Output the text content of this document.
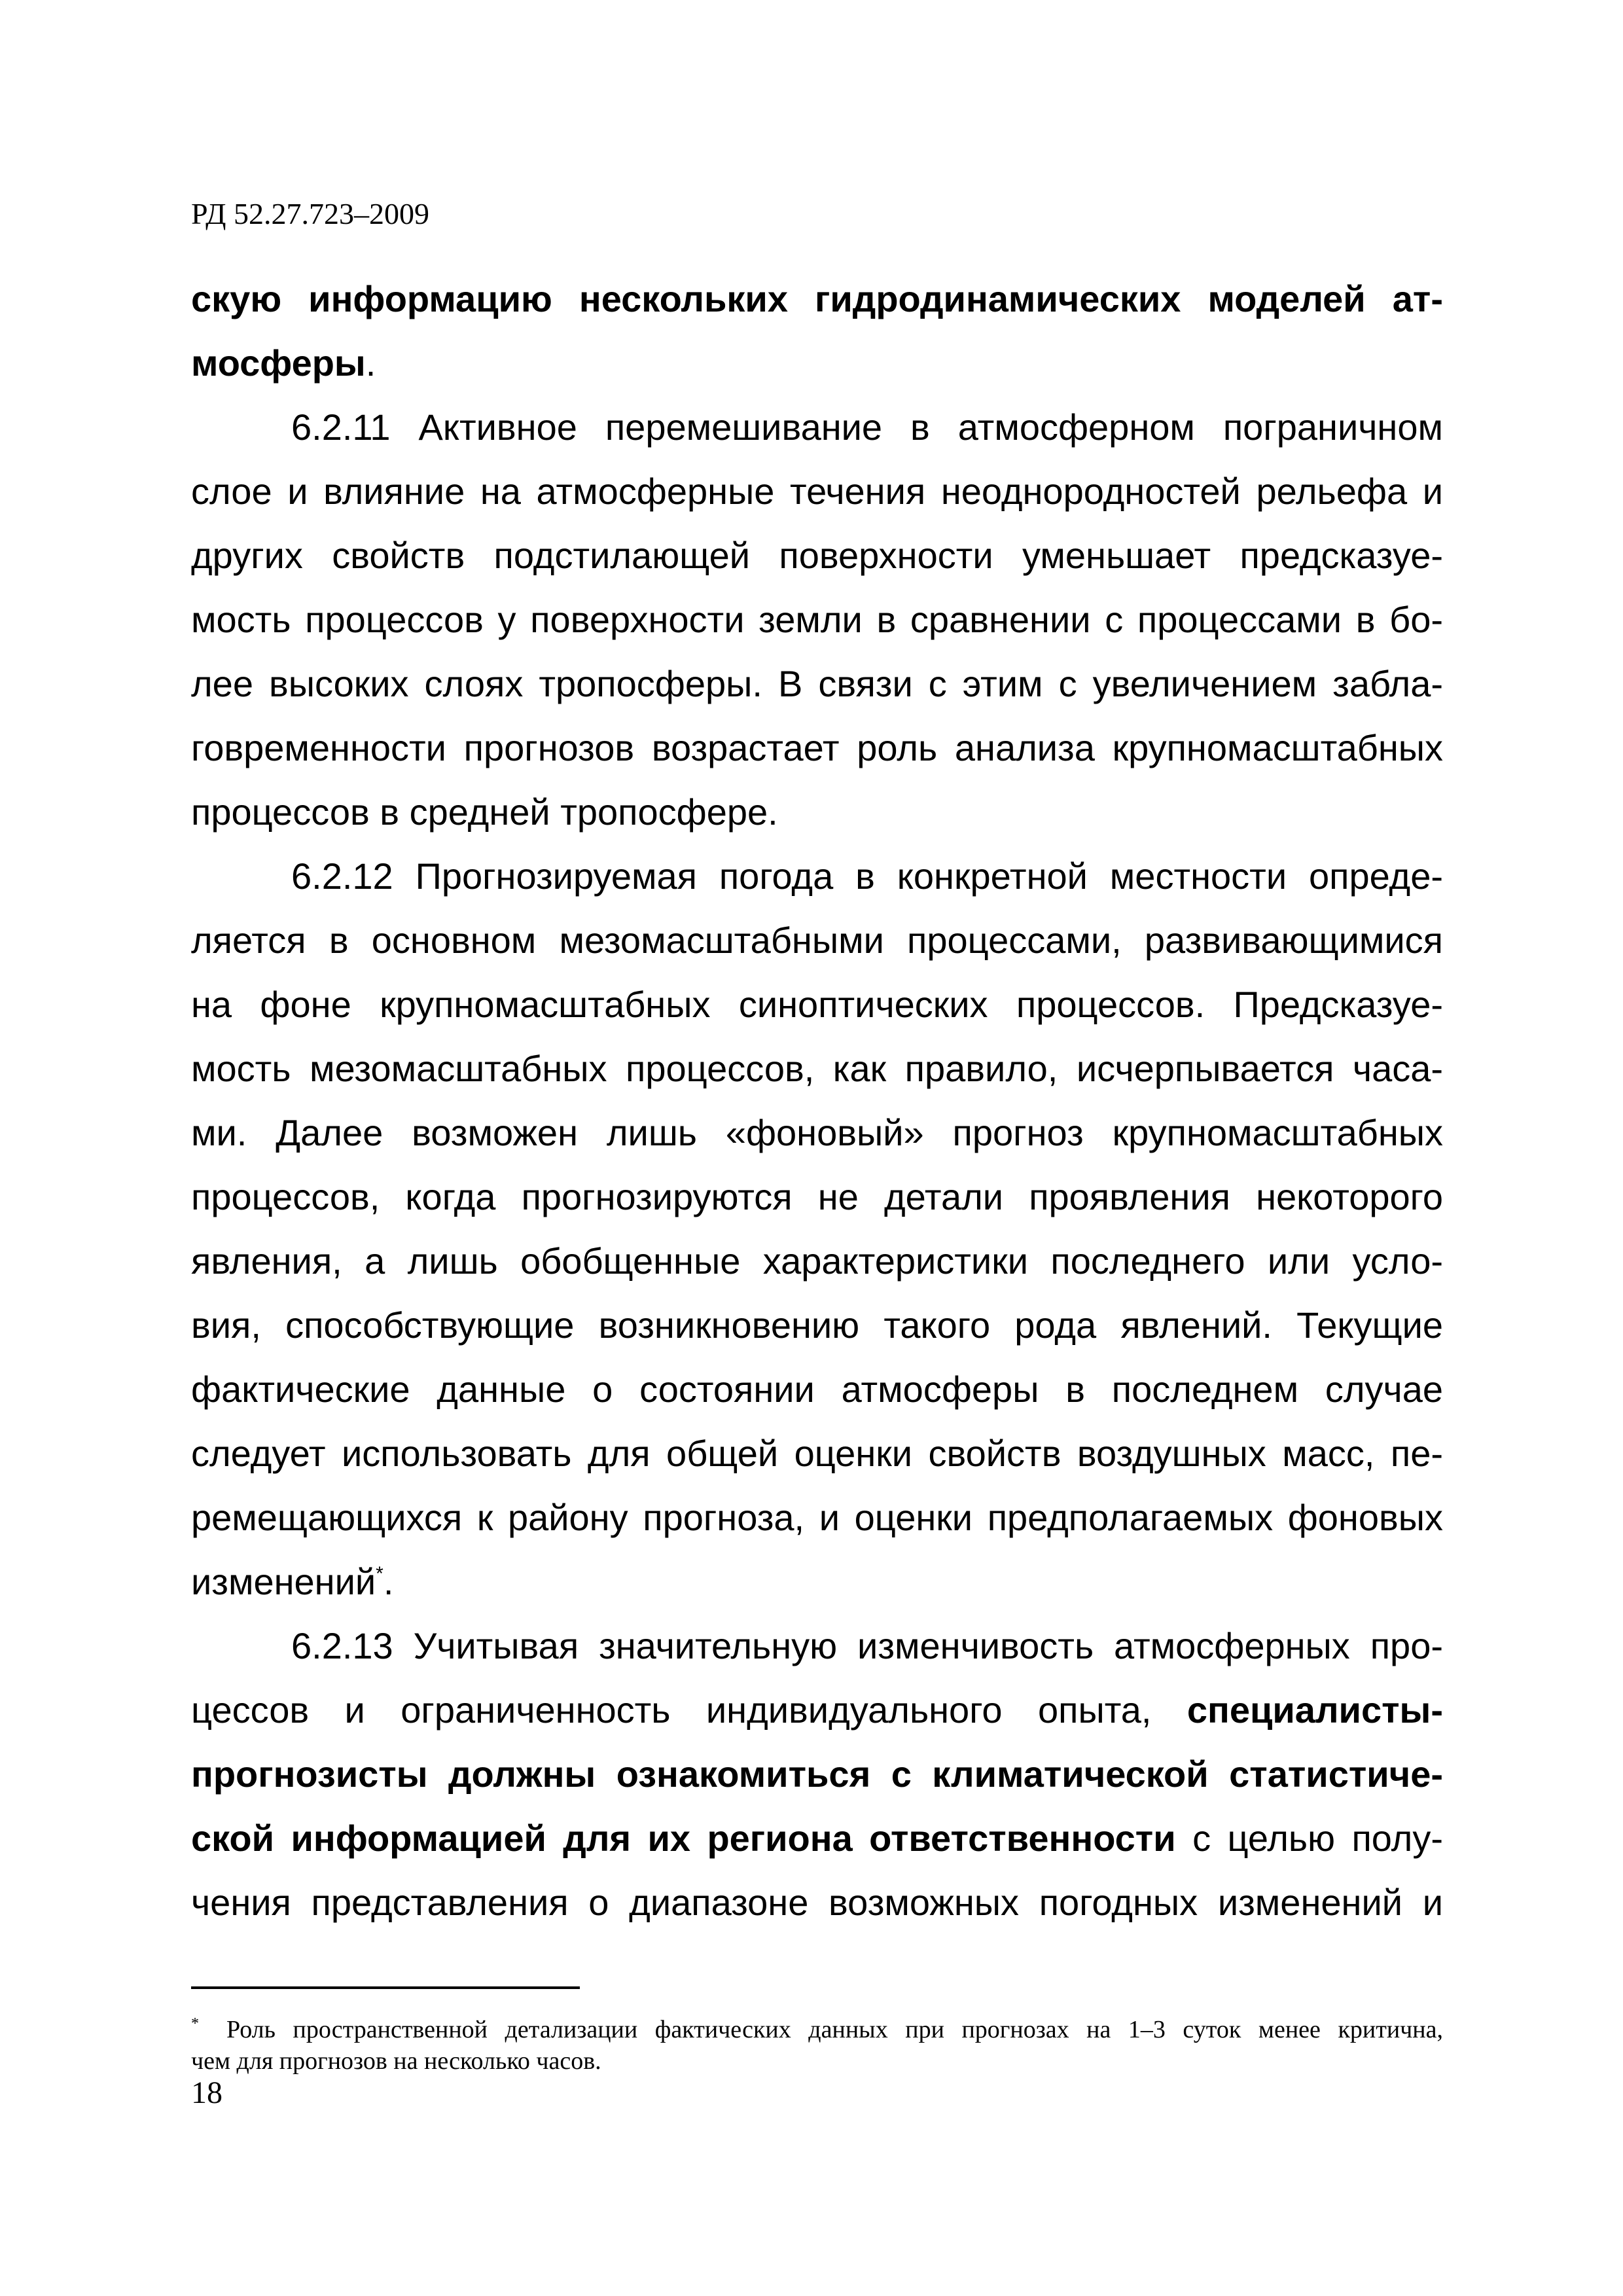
РД 52.27.723–2009
скую информацию нескольких гидродинамических моделей ат-
мосферы.
6.2.11 Активное перемешивание в атмосферном пограничном
слое и влияние на атмосферные течения неоднородностей рельефа и
других свойств подстилающей поверхности уменьшает предсказуе-
мость процессов у поверхности земли в сравнении с процессами в бо-
лее высоких слоях тропосферы. В связи с этим с увеличением забла-
говременности прогнозов возрастает роль анализа крупномасштабных
процессов в средней тропосфере.
6.2.12 Прогнозируемая погода в конкретной местности опреде-
ляется в основном мезомасштабными процессами, развивающимися
на фоне крупномасштабных синоптических процессов. Предсказуе-
мость мезомасштабных процессов, как правило, исчерпывается часа-
ми. Далее возможен лишь «фоновый» прогноз крупномасштабных
процессов, когда прогнозируются не детали проявления некоторого
явления, а лишь обобщенные характеристики последнего или усло-
вия, способствующие возникновению такого рода явлений. Текущие
фактические данные о состоянии атмосферы в последнем случае
следует использовать для общей оценки свойств воздушных масс, пе-
ремещающихся к району прогноза, и оценки предполагаемых фоновых
изменений*.
6.2.13 Учитывая значительную изменчивость атмосферных про-
цессов и ограниченность индивидуального опыта, специалисты-
прогнозисты должны ознакомиться с климатической статистиче-
ской информацией для их региона ответственности с целью полу-
чения представления о диапазоне возможных погодных изменений и
* Роль пространственной детализации фактических данных при прогнозах на 1–3 суток менее критична,
чем для прогнозов на несколько часов.
18
